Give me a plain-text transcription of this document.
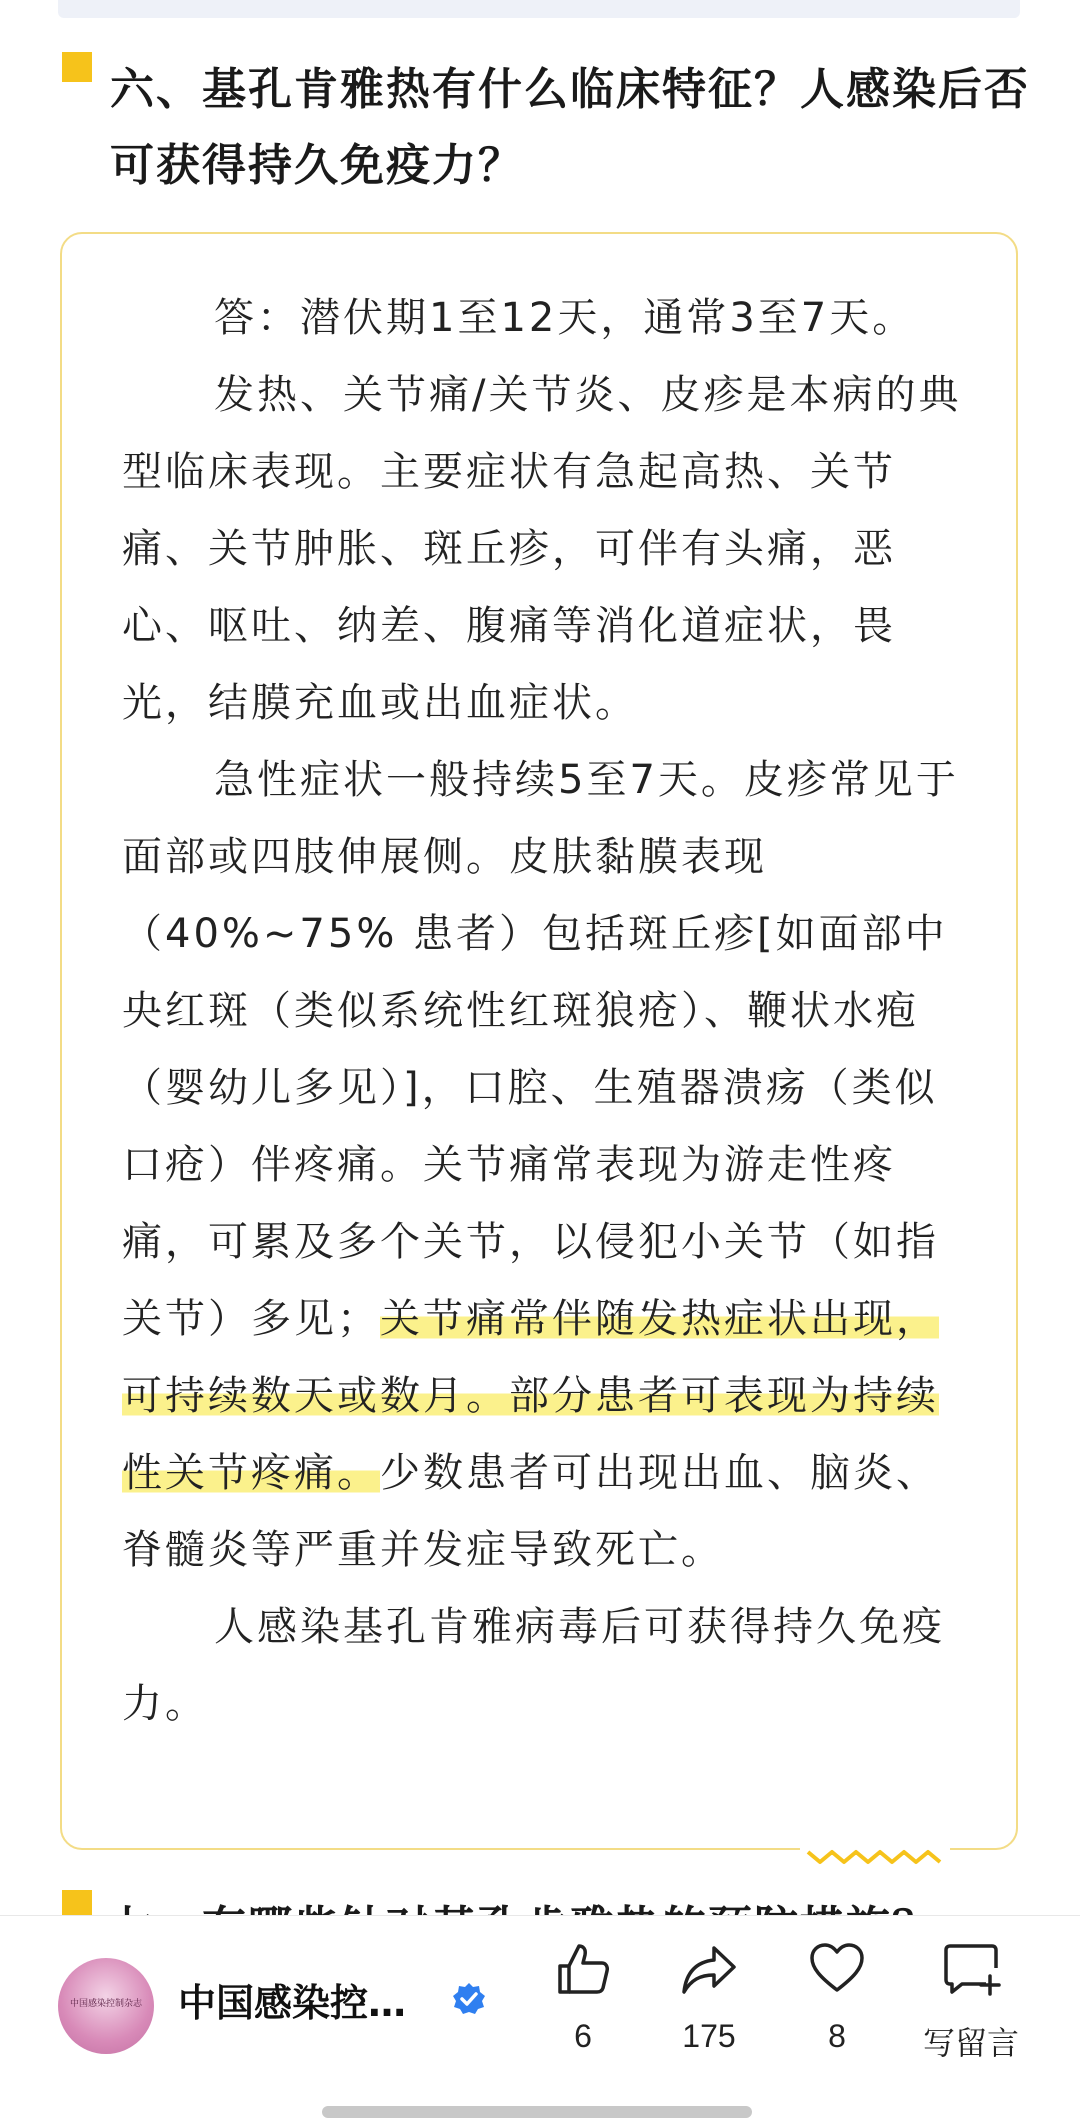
六、基孔肯雅热有什么临床特征？人感染后否可获得持久免疫力？

答：潜伏期1至12天，通常3至7天。

发热、关节痛/关节炎、皮疹是本病的典型临床表现。主要症状有急起高热、关节痛、关节肿胀、斑丘疹，可伴有头痛，恶心、呕吐、纳差、腹痛等消化道症状，畏光，结膜充血或出血症状。

急性症状一般持续5至7天。皮疹常见于面部或四肢伸展侧。皮肤黏膜表现（40%~75% 患者）包括斑丘疹[如面部中央红斑（类似系统性红斑狼疮）、鞭状水疱（婴幼儿多见）]，口腔、生殖器溃疡（类似口疮）伴疼痛。关节痛常表现为游走性疼痛，可累及多个关节，以侵犯小关节（如指关节）多见；关节痛常伴随发热症状出现，可持续数天或数月。部分患者可表现为持续性关节疼痛。少数患者可出现出血、脑炎、脊髓炎等严重并发症导致死亡。

人感染基孔肯雅病毒后可获得持久免疫力。

中国感染控制杂志 中国感染控…
6	175	8	写留言
